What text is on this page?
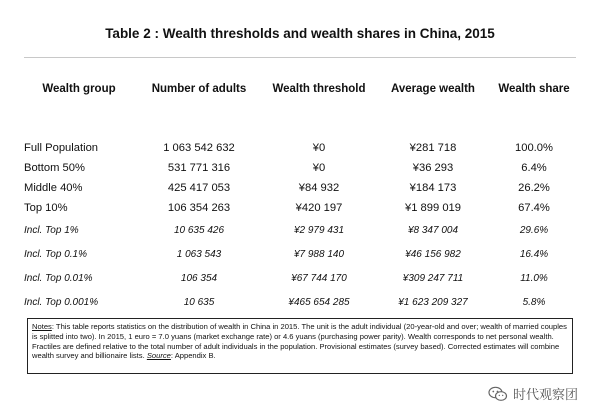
Table 2 : Wealth thresholds and wealth shares in China, 2015
Wealth group	Number of adults	Wealth threshold	Average wealth	Wealth share
Full Population	1 063 542 632	¥0	¥281 718	100.0%
Bottom 50%	531 771 316	¥0	¥36 293	6.4%
Middle 40%	425 417 053	¥84 932	¥184 173	26.2%
Top 10%	106 354 263	¥420 197	¥1 899 019	67.4%
Incl. Top 1%	10 635 426	¥2 979 431	¥8 347 004	29.6%
Incl. Top 0.1%	1 063 543	¥7 988 140	¥46 156 982	16.4%
Incl. Top 0.01%	106 354	¥67 744 170	¥309 247 711	11.0%
Incl. Top 0.001%	10 635	¥465 654 285	¥1 623 209 327	5.8%
Notes: This table reports statistics on the distribution of wealth in China in 2015. The unit is the adult individual (20-year-old and over; wealth of married couples is splitted into two). In 2015, 1 euro = 7.0 yuans (market exchange rate) or 4.6 yuans (purchasing power parity). Wealth corresponds to net personal wealth. Fractiles are defined relative to the total number of adult individuals in the population. Provisional estimates (survey based). Corrected estimates will combine wealth survey and billionaire lists. Source: Appendix B.
时代观察团
